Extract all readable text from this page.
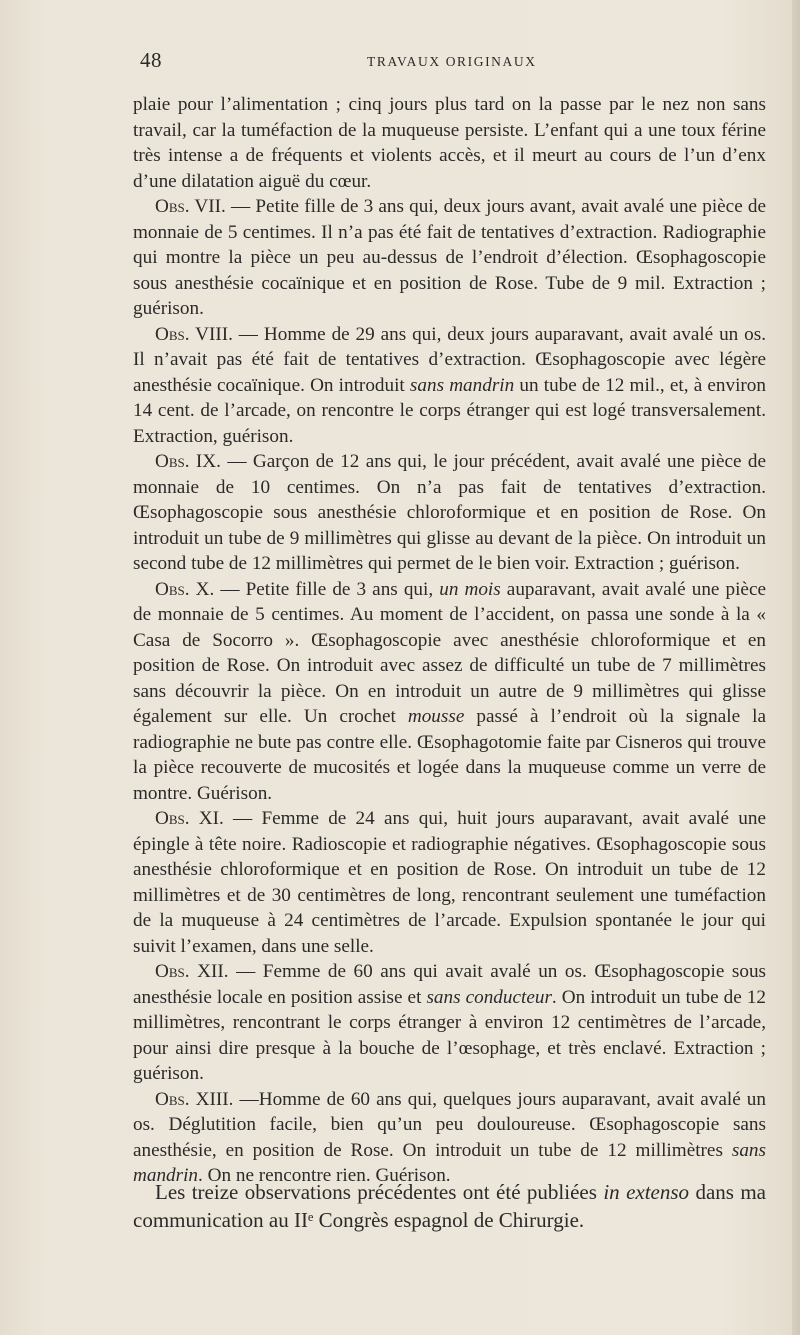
48	TRAVAUX ORIGINAUX

plaie pour l’alimentation ; cinq jours plus tard on la passe par le nez non sans travail, car la tuméfaction de la muqueuse persiste. L’enfant qui a une toux férine très intense a de fréquents et violents accès, et il meurt au cours de l’un d’enx d’une dilatation aiguë du cœur.

Obs. VII. — Petite fille de 3 ans qui, deux jours avant, avait avalé une pièce de monnaie de 5 centimes. Il n’a pas été fait de tentatives d’extraction. Radiographie qui montre la pièce un peu au-dessus de l’endroit d’élection. Œsophagoscopie sous anesthésie cocaïnique et en position de Rose. Tube de 9 mil. Extraction ; guérison.

Obs. VIII. — Homme de 29 ans qui, deux jours auparavant, avait avalé un os. Il n’avait pas été fait de tentatives d’extraction. Œsophagoscopie avec légère anesthésie cocaïnique. On introduit sans mandrin un tube de 12 mil., et, à environ 14 cent. de l’arcade, on rencontre le corps étranger qui est logé transversalement. Extraction, guérison.

Obs. IX. — Garçon de 12 ans qui, le jour précédent, avait avalé une pièce de monnaie de 10 centimes. On n’a pas fait de tentatives d’extraction. Œsophagoscopie sous anesthésie chloroformique et en position de Rose. On introduit un tube de 9 millimètres qui glisse au devant de la pièce. On introduit un second tube de 12 millimètres qui permet de le bien voir. Extraction ; guérison.

Obs. X. — Petite fille de 3 ans qui, un mois auparavant, avait avalé une pièce de monnaie de 5 centimes. Au moment de l’accident, on passa une sonde à la « Casa de Socorro ». Œsophagoscopie avec anesthésie chloroformique et en position de Rose. On introduit avec assez de difficulté un tube de 7 millimètres sans découvrir la pièce. On en introduit un autre de 9 millimètres qui glisse également sur elle. Un crochet mousse passé à l’endroit où la signale la radiographie ne bute pas contre elle. Œsophagotomie faite par Cisneros qui trouve la pièce recouverte de mucosités et logée dans la muqueuse comme un verre de montre. Guérison.

Obs. XI. — Femme de 24 ans qui, huit jours auparavant, avait avalé une épingle à tête noire. Radioscopie et radiographie négatives. Œsophagoscopie sous anesthésie chloroformique et en position de Rose. On introduit un tube de 12 millimètres et de 30 centimètres de long, rencontrant seulement une tuméfaction de la muqueuse à 24 centimètres de l’arcade. Expulsion spontanée le jour qui suivit l’examen, dans une selle.

Obs. XII. — Femme de 60 ans qui avait avalé un os. Œsophagoscopie sous anesthésie locale en position assise et sans conducteur. On introduit un tube de 12 millimètres, rencontrant le corps étranger à environ 12 centimètres de l’arcade, pour ainsi dire presque à la bouche de l’œsophage, et très enclavé. Extraction ; guérison.

Obs. XIII. —Homme de 60 ans qui, quelques jours auparavant, avait avalé un os. Déglutition facile, bien qu’un peu douloureuse. Œsophagoscopie sans anesthésie, en position de Rose. On introduit un tube de 12 millimètres sans mandrin. On ne rencontre rien. Guérison.

Les treize observations précédentes ont été publiées in extenso dans ma communication au IIᵉ Congrès espagnol de Chirurgie.
